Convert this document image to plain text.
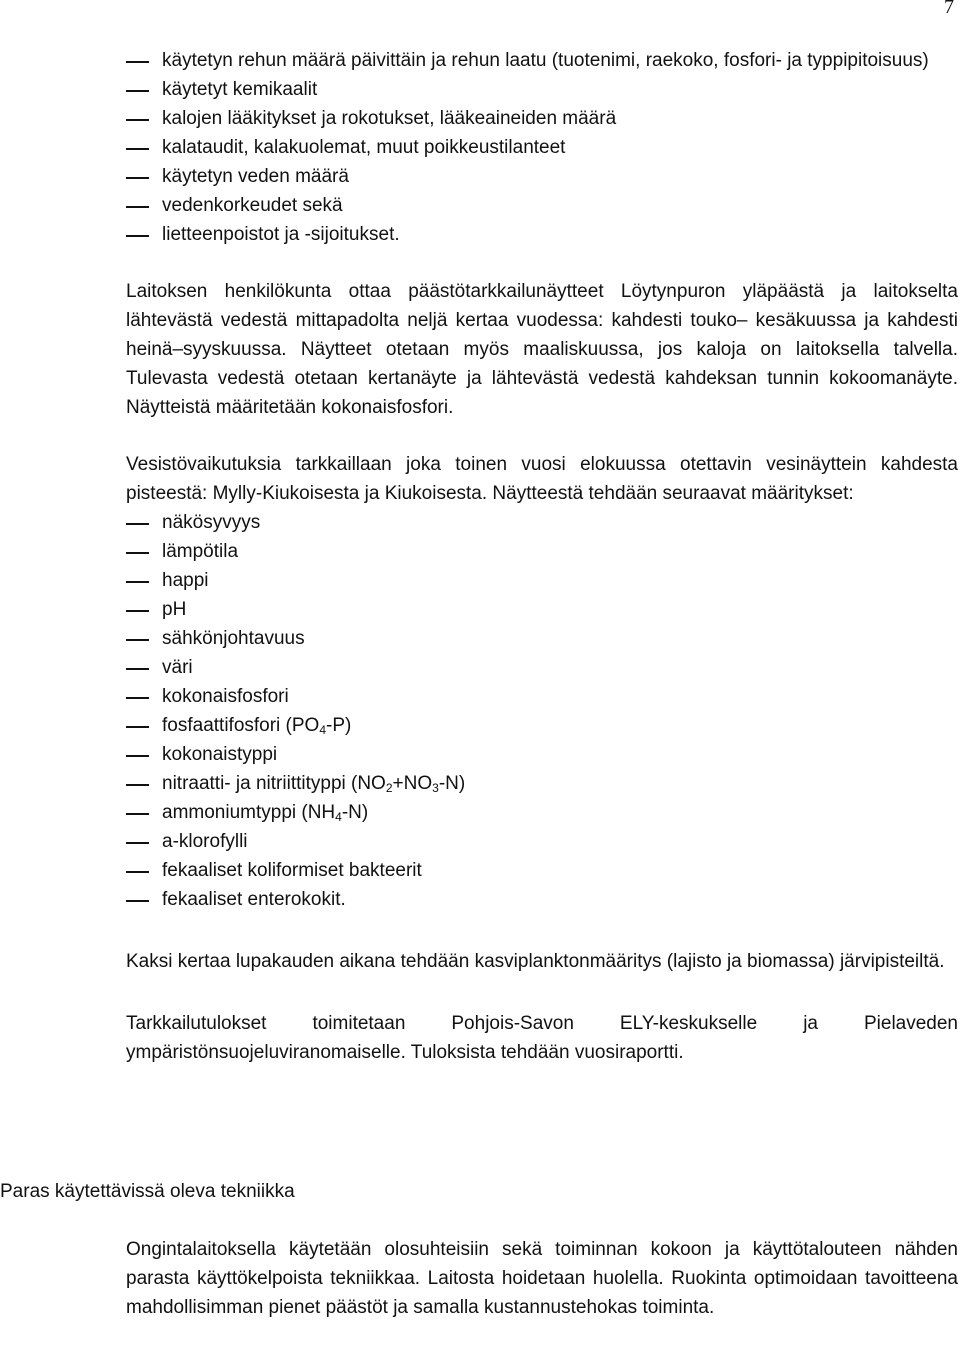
7
käytetyn rehun määrä päivittäin ja rehun laatu (tuotenimi, raekoko, fosfori- ja typpipitoisuus)
käytetyt kemikaalit
kalojen lääkitykset ja rokotukset, lääkeaineiden määrä
kalataudit, kalakuolemat, muut poikkeustilanteet
käytetyn veden määrä
vedenkorkeudet sekä
lietteenpoistot ja -sijoitukset.

Laitoksen henkilökunta ottaa päästötarkkailunäytteet Löytynpuron yläpäästä ja laitokselta lähtevästä vedestä mittapadolta neljä kertaa vuodessa: kahdesti touko– kesäkuussa ja kahdesti heinä–syyskuussa. Näytteet otetaan myös maaliskuussa, jos kaloja on laitoksella talvella. Tulevasta vedestä otetaan kertanäyte ja lähtevästä vedestä kahdeksan tunnin kokoomanäyte. Näytteistä määritetään kokonaisfosfori.

Vesistövaikutuksia tarkkaillaan joka toinen vuosi elokuussa otettavin vesinäyttein kahdesta pisteestä: Mylly-Kiukoisesta ja Kiukoisesta. Näytteestä tehdään seuraavat määritykset:

näkösyvyys
lämpötila
happi
pH
sähkönjohtavuus
väri
kokonaisfosfori
fosfaattifosfori $(PO_4-P)$
kokonaistyppi
nitraatti- ja nitriittityppi $(NO_2+NO_3-N)$
ammoniumtyppi $(NH_4-N)$
a-klorofylli
fekaaliset koliformiset bakteerit
fekaaliset enterokokit.

Kaksi kertaa lupakauden aikana tehdään kasviplanktonmääritys (lajisto ja biomassa) järvipisteiltä.

Tarkkailutulokset toimitetaan Pohjois-Savon ELY-keskukselle ja Pielaveden ympäristönsuojeluviranomaiselle. Tuloksista tehdään vuosiraportti.

Paras käytettävissä oleva tekniikka

Ongintalaitoksella käytetään olosuhteisiin sekä toiminnan kokoon ja käyttötalouteen nähden parasta käyttökelpoista tekniikkaa. Laitosta hoidetaan huolella. Ruokinta optimoidaan tavoitteena mahdollisimman pienet päästöt ja samalla kustannustehokas toiminta.
